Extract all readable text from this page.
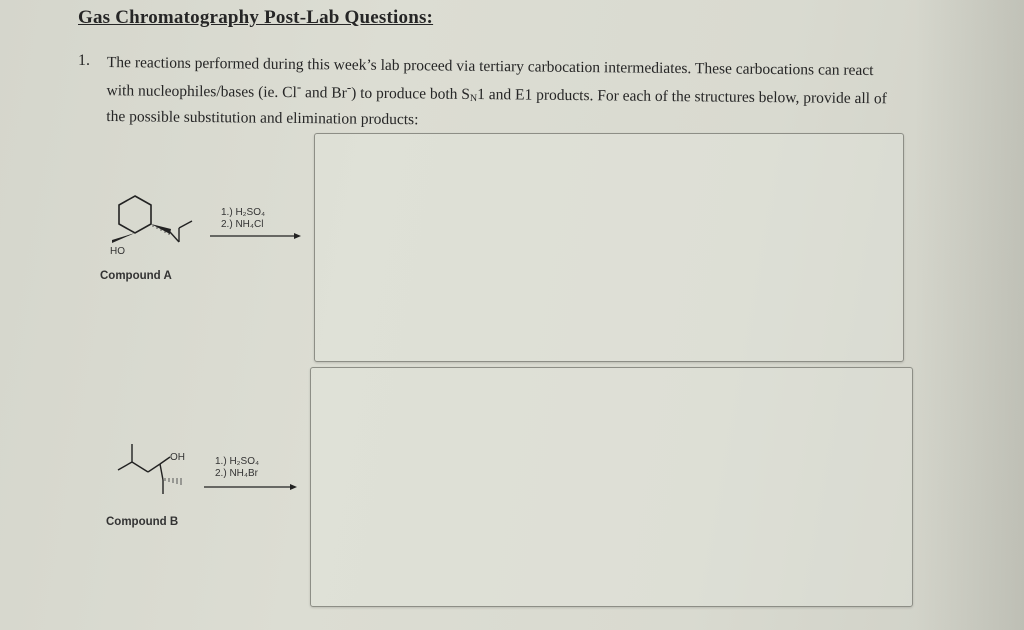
Gas Chromatography Post-Lab Questions:
1. The reactions performed during this week’s lab proceed via tertiary carbocation intermediates. These carbocations can react with nucleophiles/bases (ie. Cl- and Br-) to produce both $S_N1$ and E1 products. For each of the structures below, provide all of the possible substitution and elimination products:
HO
1.) H₂SO₄
2.) NH₄Cl
Compound A
OH	1.) H₂SO₄
2.) NH₄Br
Compound B
